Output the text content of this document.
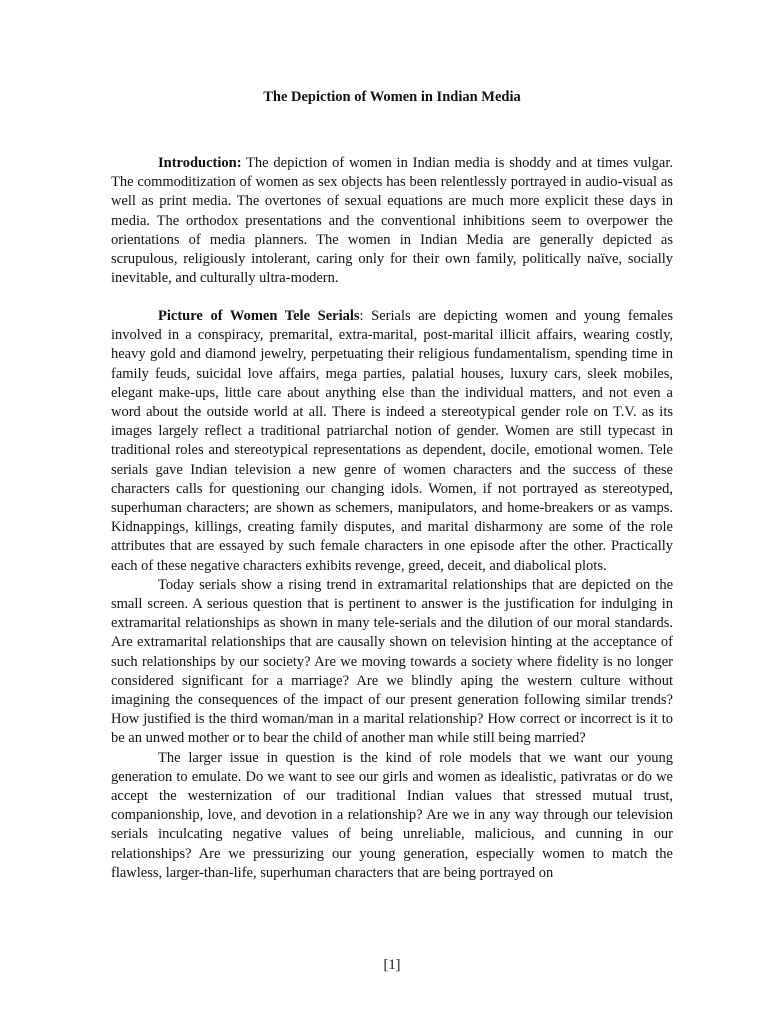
The Depiction of Women in Indian Media

Introduction: The depiction of women in Indian media is shoddy and at times vulgar. The commoditization of women as sex objects has been relentlessly portrayed in audio-visual as well as print media. The overtones of sexual equations are much more explicit these days in media. The orthodox presentations and the conventional inhibitions seem to overpower the orientations of media planners. The women in Indian Media are generally depicted as scrupulous, religiously intolerant, caring only for their own family, politically naïve, socially inevitable, and culturally ultra-modern.

Picture of Women Tele Serials: Serials are depicting women and young females involved in a conspiracy, premarital, extra-marital, post-marital illicit affairs, wearing costly, heavy gold and diamond jewelry, perpetuating their religious fundamentalism, spending time in family feuds, suicidal love affairs, mega parties, palatial houses, luxury cars, sleek mobiles, elegant make-ups, little care about anything else than the individual matters, and not even a word about the outside world at all. There is indeed a stereotypical gender role on T.V. as its images largely reflect a traditional patriarchal notion of gender. Women are still typecast in traditional roles and stereotypical representations as dependent, docile, emotional women. Tele serials gave Indian television a new genre of women characters and the success of these characters calls for questioning our changing idols. Women, if not portrayed as stereotyped, superhuman characters; are shown as schemers, manipulators, and home-breakers or as vamps. Kidnappings, killings, creating family disputes, and marital disharmony are some of the role attributes that are essayed by such female characters in one episode after the other. Practically each of these negative characters exhibits revenge, greed, deceit, and diabolical plots.

Today serials show a rising trend in extramarital relationships that are depicted on the small screen. A serious question that is pertinent to answer is the justification for indulging in extramarital relationships as shown in many tele-serials and the dilution of our moral standards. Are extramarital relationships that are causally shown on television hinting at the acceptance of such relationships by our society? Are we moving towards a society where fidelity is no longer considered significant for a marriage? Are we blindly aping the western culture without imagining the consequences of the impact of our present generation following similar trends? How justified is the third woman/man in a marital relationship? How correct or incorrect is it to be an unwed mother or to bear the child of another man while still being married?

The larger issue in question is the kind of role models that we want our young generation to emulate. Do we want to see our girls and women as idealistic, pativratas or do we accept the westernization of our traditional Indian values that stressed mutual trust, companionship, love, and devotion in a relationship? Are we in any way through our television serials inculcating negative values of being unreliable, malicious, and cunning in our relationships? Are we pressurizing our young generation, especially women to match the flawless, larger-than-life, superhuman characters that are being portrayed on

[1]
